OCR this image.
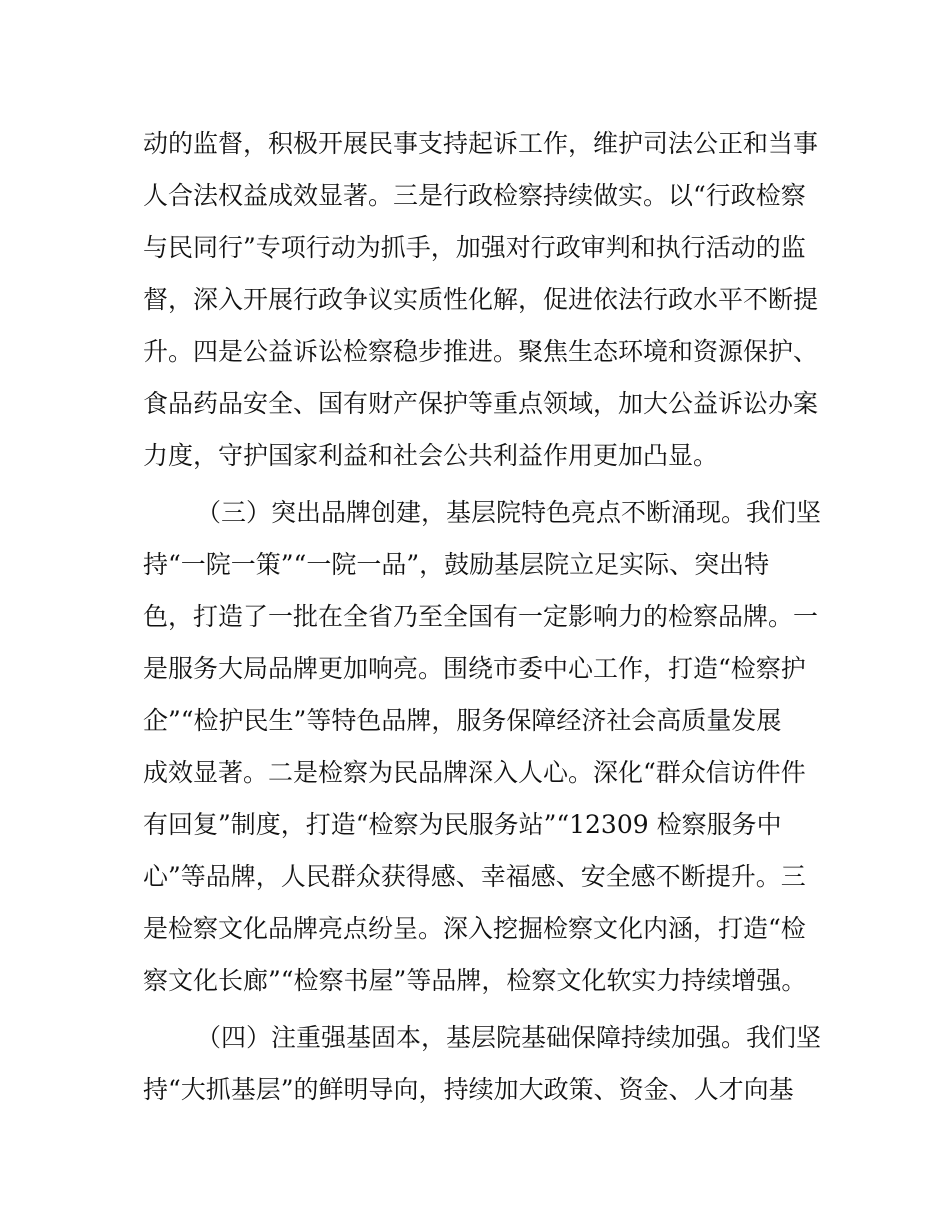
动的监督，积极开展民事支持起诉工作，维护司法公正和当事
人合法权益成效显著。三是行政检察持续做实。以“行政检察
与民同行”专项行动为抓手，加强对行政审判和执行活动的监
督，深入开展行政争议实质性化解，促进依法行政水平不断提
升。四是公益诉讼检察稳步推进。聚焦生态环境和资源保护、
食品药品安全、国有财产保护等重点领域，加大公益诉讼办案
力度，守护国家利益和社会公共利益作用更加凸显。
（三）突出品牌创建，基层院特色亮点不断涌现。我们坚
持“一院一策”“一院一品”，鼓励基层院立足实际、突出特
色，打造了一批在全省乃至全国有一定影响力的检察品牌。一
是服务大局品牌更加响亮。围绕市委中心工作，打造“检察护
企”“检护民生”等特色品牌，服务保障经济社会高质量发展
成效显著。二是检察为民品牌深入人心。深化“群众信访件件
有回复”制度，打造“检察为民服务站”“12309 检察服务中
心”等品牌，人民群众获得感、幸福感、安全感不断提升。三
是检察文化品牌亮点纷呈。深入挖掘检察文化内涵，打造“检
察文化长廊”“检察书屋”等品牌，检察文化软实力持续增强。
（四）注重强基固本，基层院基础保障持续加强。我们坚
持“大抓基层”的鲜明导向，持续加大政策、资金、人才向基
